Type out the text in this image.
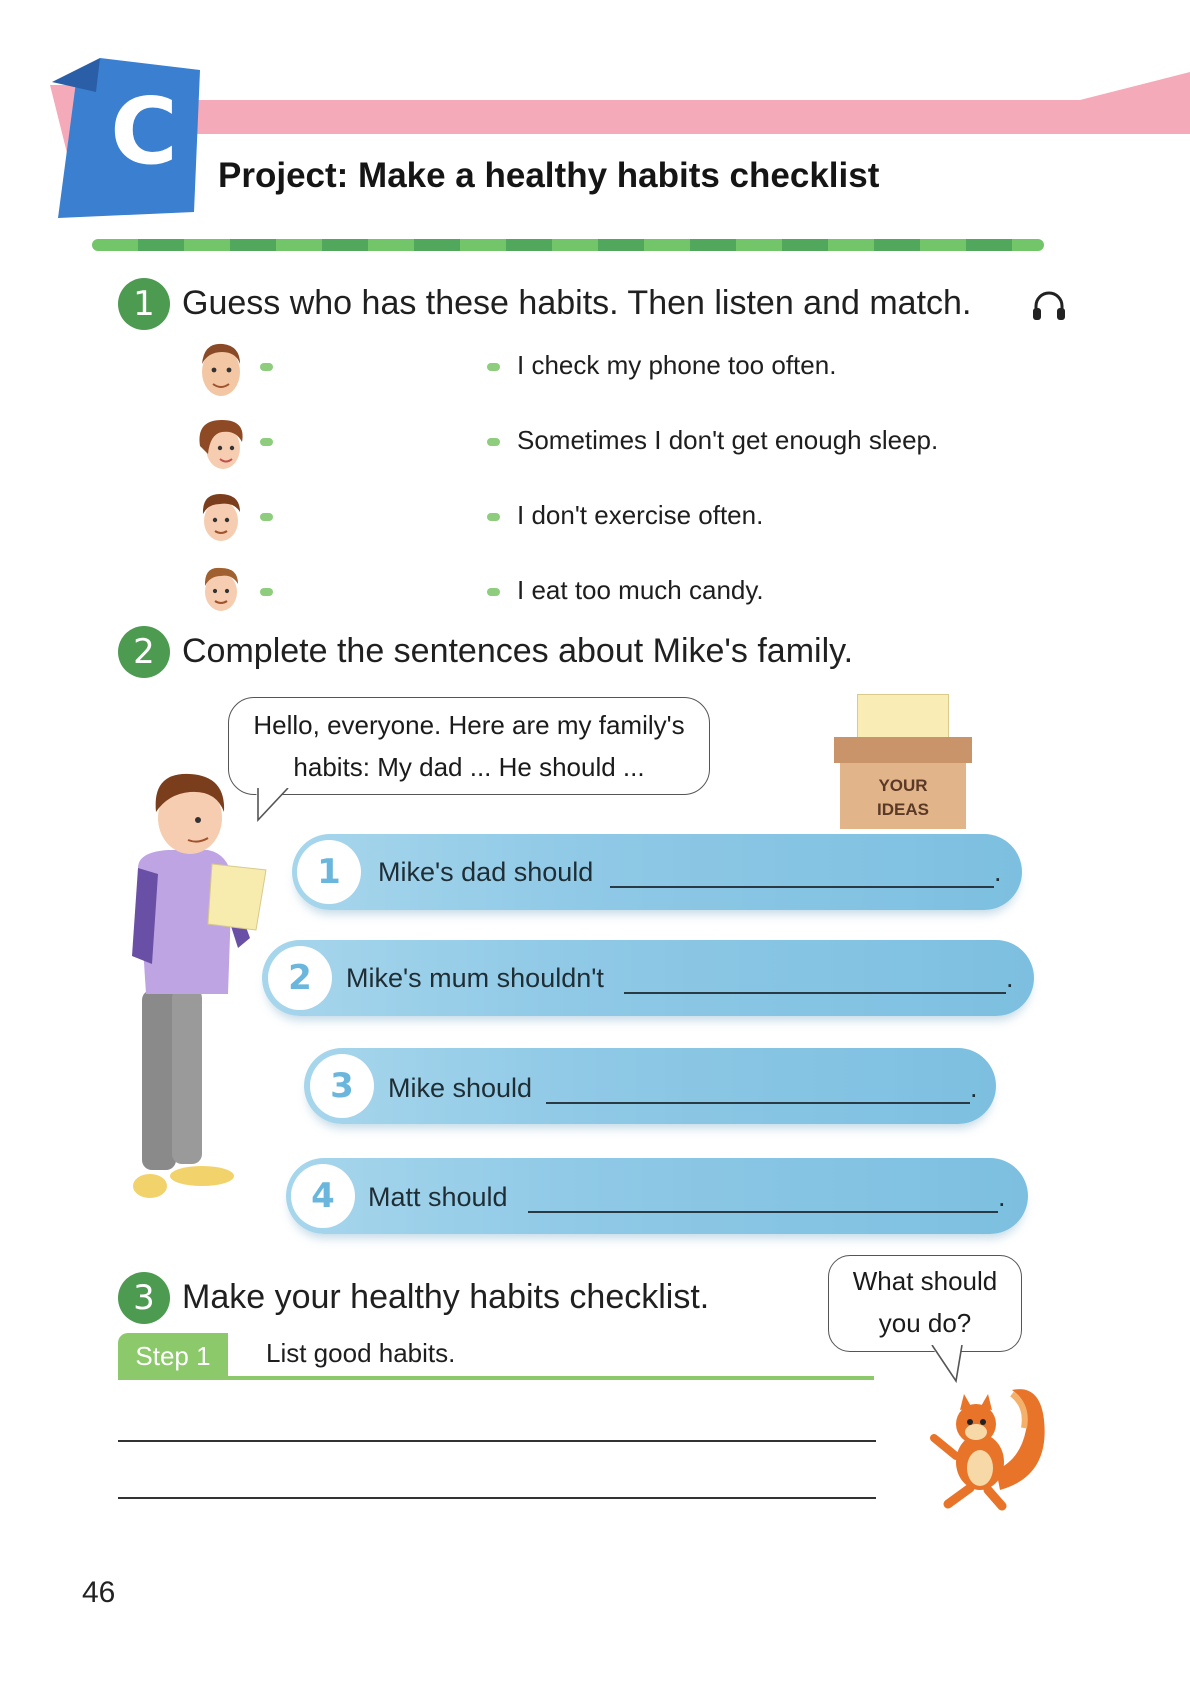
C	Project: Make a healthy habits checklist
1 Guess who has these habits. Then listen and match.
I check my phone too often.
Sometimes I don't get enough sleep.
I don't exercise often.
I eat too much candy.
2 Complete the sentences about Mike's family.
Hello, everyone. Here are my family's
habits: My dad ... He should ...
YOUR
IDEAS
1	Mike's dad should	.
2	Mike's mum shouldn't	.
3	Mike should	.
4	Matt should	.
3 Make your healthy habits checklist.
Step 1	List good habits.
What should
you do?
46
